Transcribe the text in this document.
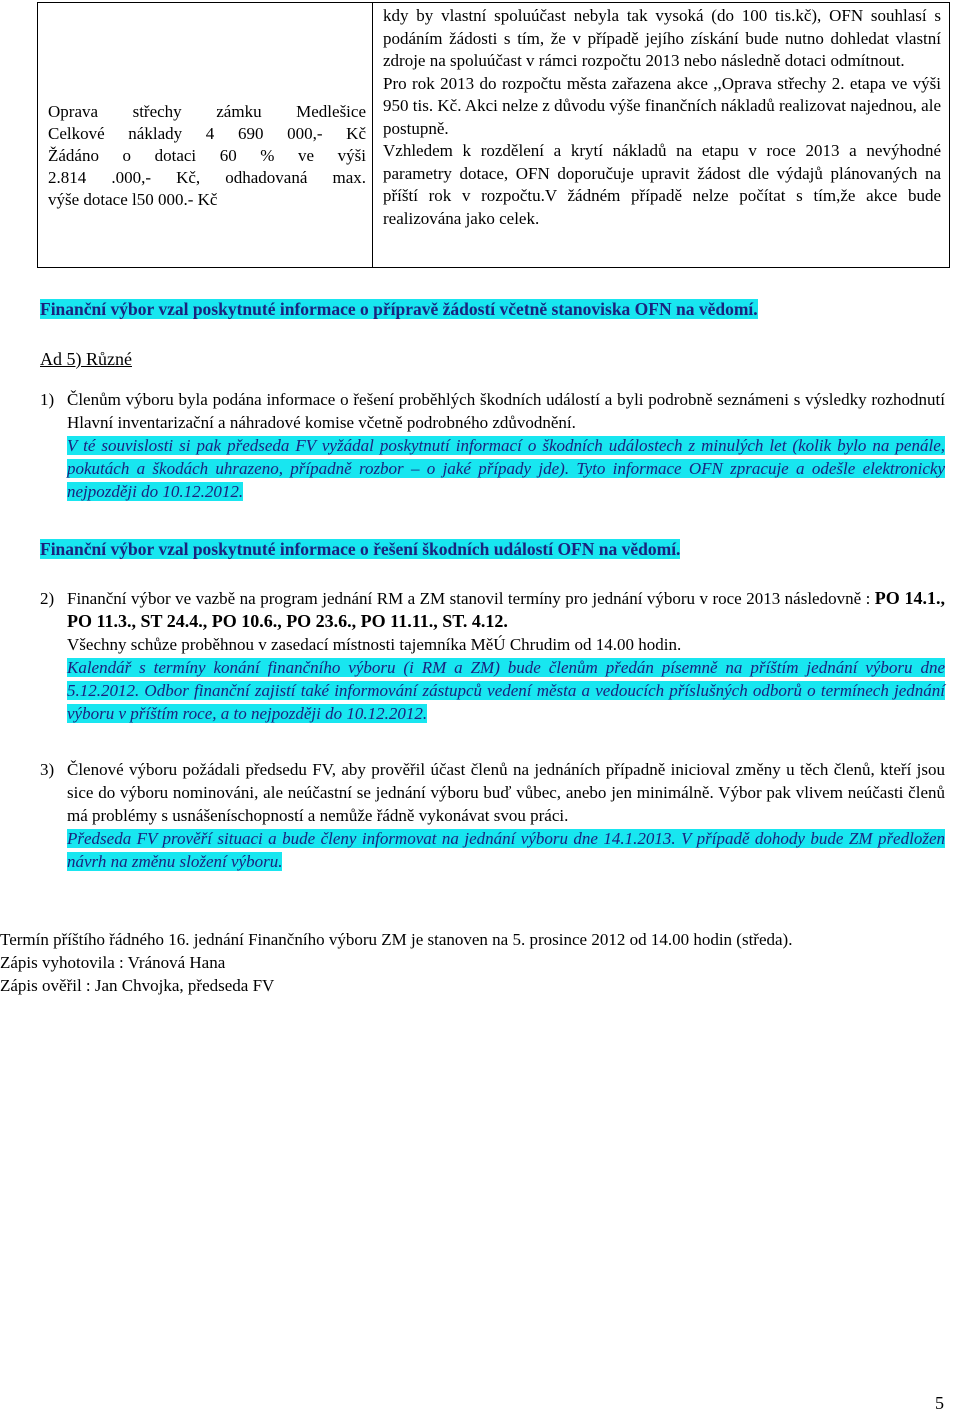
Oprava střechy zámku Medlešice
Celkové náklady 4 690 000,- Kč
Žádáno o dotaci 60 % ve výši
2.814 .000,- Kč, odhadovaná max.
výše dotace l50 000.- Kč

kdy by vlastní spoluúčast nebyla tak vysoká (do 100 tis.kč), OFN souhlasí s podáním žádosti s tím, že v případě jejího získání bude nutno dohledat vlastní zdroje na spoluúčast v rámci rozpočtu 2013 nebo následně dotaci odmítnout.

Pro rok 2013 do rozpočtu města zařazena akce ,,Oprava střechy 2. etapa ve výši 950 tis. Kč. Akci nelze z důvodu výše finančních nákladů realizovat najednou, ale postupně.

Vzhledem k rozdělení a krytí nákladů na etapu v roce 2013 a nevýhodné parametry dotace, OFN doporučuje upravit žádost dle výdajů plánovaných na příští rok v rozpočtu.V žádném případě nelze počítat s tím,že akce bude realizována jako celek.

Finanční výbor vzal poskytnuté informace o přípravě žádostí včetně stanoviska OFN na vědomí.
Ad 5) Různé
1) Členům výboru byla podána informace o řešení proběhlých škodních událostí a byli podrobně seznámeni s výsledky rozhodnutí Hlavní inventarizační a náhradové komise včetně podrobného zdůvodnění.

V té souvislosti si pak předseda FV vyžádal poskytnutí informací o škodních událostech z minulých let (kolik bylo na penále, pokutách a škodách uhrazeno, případně rozbor – o jaké případy jde). Tyto informace OFN zpracuje a odešle elektronicky nejpozději do 10.12.2012.

Finanční výbor vzal poskytnuté informace o řešení škodních událostí OFN na vědomí.
2) Finanční výbor ve vazbě na program jednání RM a ZM stanovil termíny pro jednání výboru v roce 2013 následovně : PO 14.1., PO 11.3., ST 24.4., PO 10.6., PO 23.6., PO 11.11., ST. 4.12.

Všechny schůze proběhnou v zasedací místnosti tajemníka MěÚ Chrudim od 14.00 hodin.

Kalendář s termíny konání finančního výboru (i RM a ZM) bude členům předán písemně na příštím jednání výboru dne 5.12.2012. Odbor finanční zajistí také informování zástupců vedení města a vedoucích příslušných odborů o termínech jednání výboru v příštím roce, a to nejpozději do 10.12.2012.

3) Členové výboru požádali předsedu FV, aby prověřil účast členů na jednáních případně inicioval změny u těch členů, kteří jsou sice do výboru nominováni, ale neúčastní se jednání výboru buď vůbec, anebo jen minimálně. Výbor pak vlivem neúčasti členů má problémy s usnášeníschopností a nemůže řádně vykonávat svou práci.

Předseda FV prověří situaci a bude členy informovat na jednání výboru dne 14.1.2013. V případě dohody bude ZM předložen návrh na změnu složení výboru.

Termín příštího řádného 16. jednání Finančního výboru ZM je stanoven na 5. prosince 2012 od 14.00 hodin (středa).

Zápis vyhotovila : Vránová Hana

Zápis ověřil : Jan Chvojka, předseda FV

5
